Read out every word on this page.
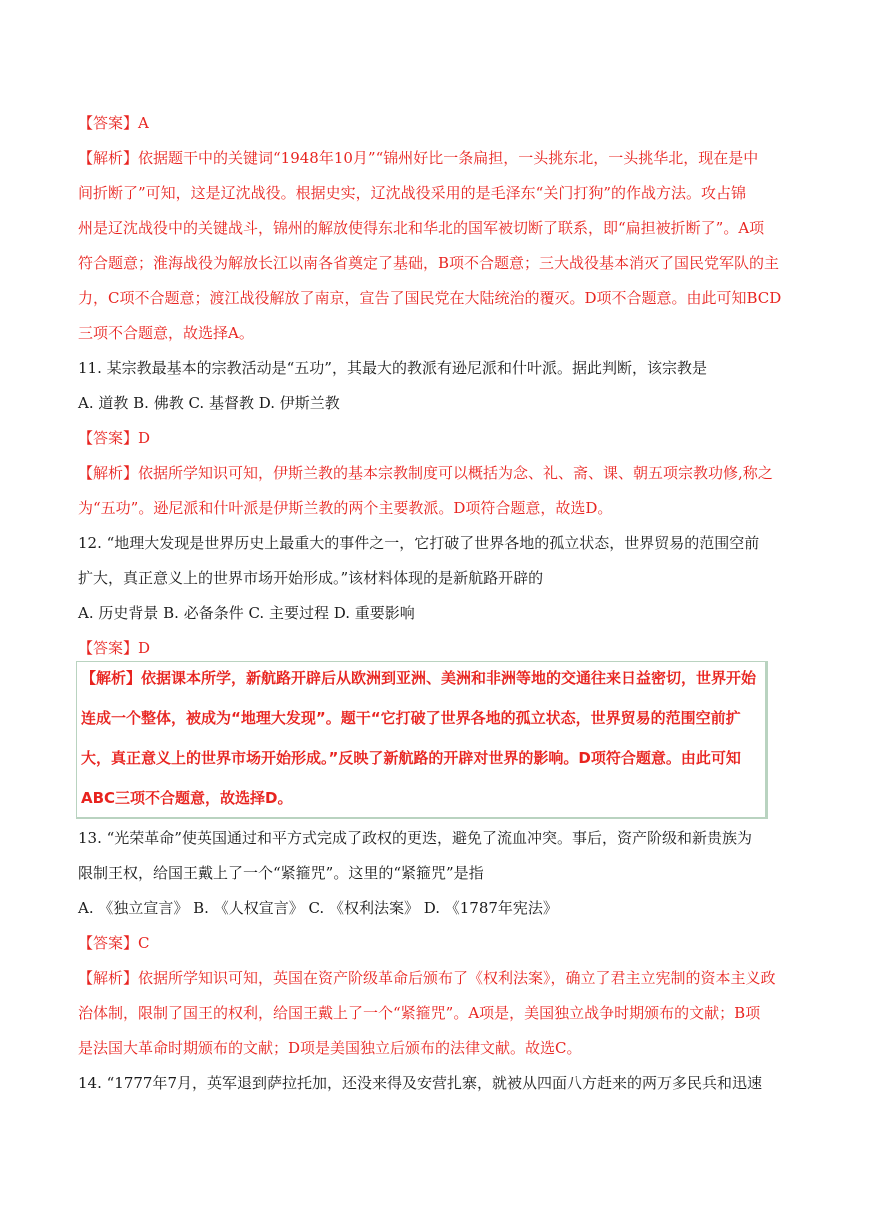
【答案】A
【解析】依据题干中的关键词“1948年10月”“锦州好比一条扁担，一头挑东北，一头挑华北，现在是中
间折断了”可知，这是辽沈战役。根据史实，辽沈战役采用的是毛泽东“关门打狗”的作战方法。攻占锦
州是辽沈战役中的关键战斗，锦州的解放使得东北和华北的国军被切断了联系，即“扁担被折断了”。A项
符合题意；淮海战役为解放长江以南各省奠定了基础，B项不合题意；三大战役基本消灭了国民党军队的主
力，C项不合题意；渡江战役解放了南京，宣告了国民党在大陆统治的覆灭。D项不合题意。由此可知BCD
三项不合题意，故选择A。
11. 某宗教最基本的宗教活动是“五功”，其最大的教派有逊尼派和什叶派。据此判断，该宗教是
A. 道教 B. 佛教 C. 基督教 D. 伊斯兰教
【答案】D
【解析】依据所学知识可知，伊斯兰教的基本宗教制度可以概括为念、礼、斋、课、朝五项宗教功修,称之
为“五功”。逊尼派和什叶派是伊斯兰教的两个主要教派。D项符合题意，故选D。
12. “地理大发现是世界历史上最重大的事件之一，它打破了世界各地的孤立状态，世界贸易的范围空前
扩大，真正意义上的世界市场开始形成。”该材料体现的是新航路开辟的
A. 历史背景 B. 必备条件 C. 主要过程 D. 重要影响
【答案】D
【解析】依据课本所学，新航路开辟后从欧洲到亚洲、美洲和非洲等地的交通往来日益密切，世界开始
连成一个整体，被成为“地理大发现”。题干“它打破了世界各地的孤立状态，世界贸易的范围空前扩
大，真正意义上的世界市场开始形成。”反映了新航路的开辟对世界的影响。D项符合题意。由此可知
ABC三项不合题意，故选择D。
13. “光荣革命”使英国通过和平方式完成了政权的更迭，避免了流血冲突。事后，资产阶级和新贵族为
限制王权，给国王戴上了一个“紧箍咒”。这里的“紧箍咒”是指
A. 《独立宣言》 B. 《人权宣言》 C. 《权利法案》 D. 《1787年宪法》
【答案】C
【解析】依据所学知识可知，英国在资产阶级革命后颁布了《权利法案》，确立了君主立宪制的资本主义政
治体制，限制了国王的权利，给国王戴上了一个“紧箍咒”。A项是，美国独立战争时期颁布的文献；B项
是法国大革命时期颁布的文献；D项是美国独立后颁布的法律文献。故选C。
14. “1777年7月，英军退到萨拉托加，还没来得及安营扎寨，就被从四面八方赶来的两万多民兵和迅速
